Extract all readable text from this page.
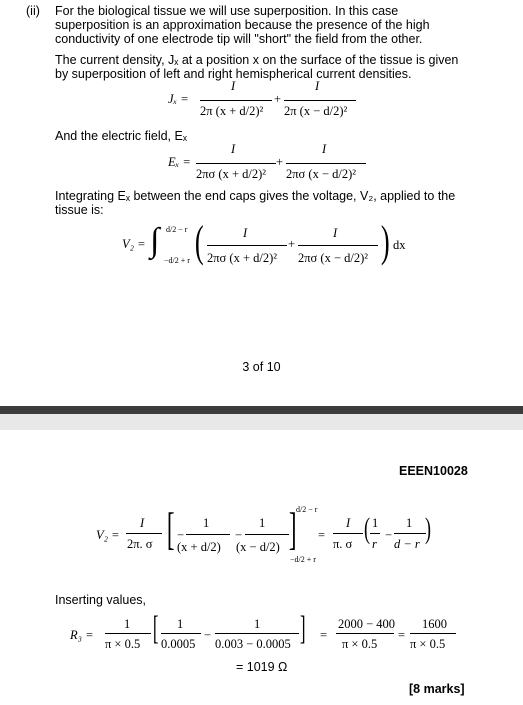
(ii) For the biological tissue we will use superposition. In this case
superposition is an approximation because the presence of the high
conductivity of one electrode tip will "short" the field from the other.
The current density, Jₓ at a position x on the surface of the tissue is given
by superposition of left and right hemispherical current densities.
Jₓ =
I
2π (x + d/2)²
+
I
2π (x − d/2)²
And the electric field, Eₓ
Eₓ =
I
2πσ (x + d/2)²
+
I
2πσ (x − d/2)²
Integrating Eₓ between the end caps gives the voltage, V₂, applied to the
tissue is:
V₂ = ∫ d/2 − r
−d/2 + r (	I
2πσ (x + d/2)²
+
I
2πσ (x − d/2)² ) dx
3 of 10
EEEN10028
V₂ =
I
2π. σ [ −
1
(x + d/2)
−
1
(x − d/2) ] d/2 − r
−d/2 + r
=
I
π. σ ( 1
r
−
1
d − r )
Inserting values,
R₃ =
1
π × 0.5 [ 1
0.0005
−
1
0.003 − 0.0005 ] =
2000 − 400
π × 0.5
=
1600
π × 0.5
= 1019 Ω
[8 marks]
